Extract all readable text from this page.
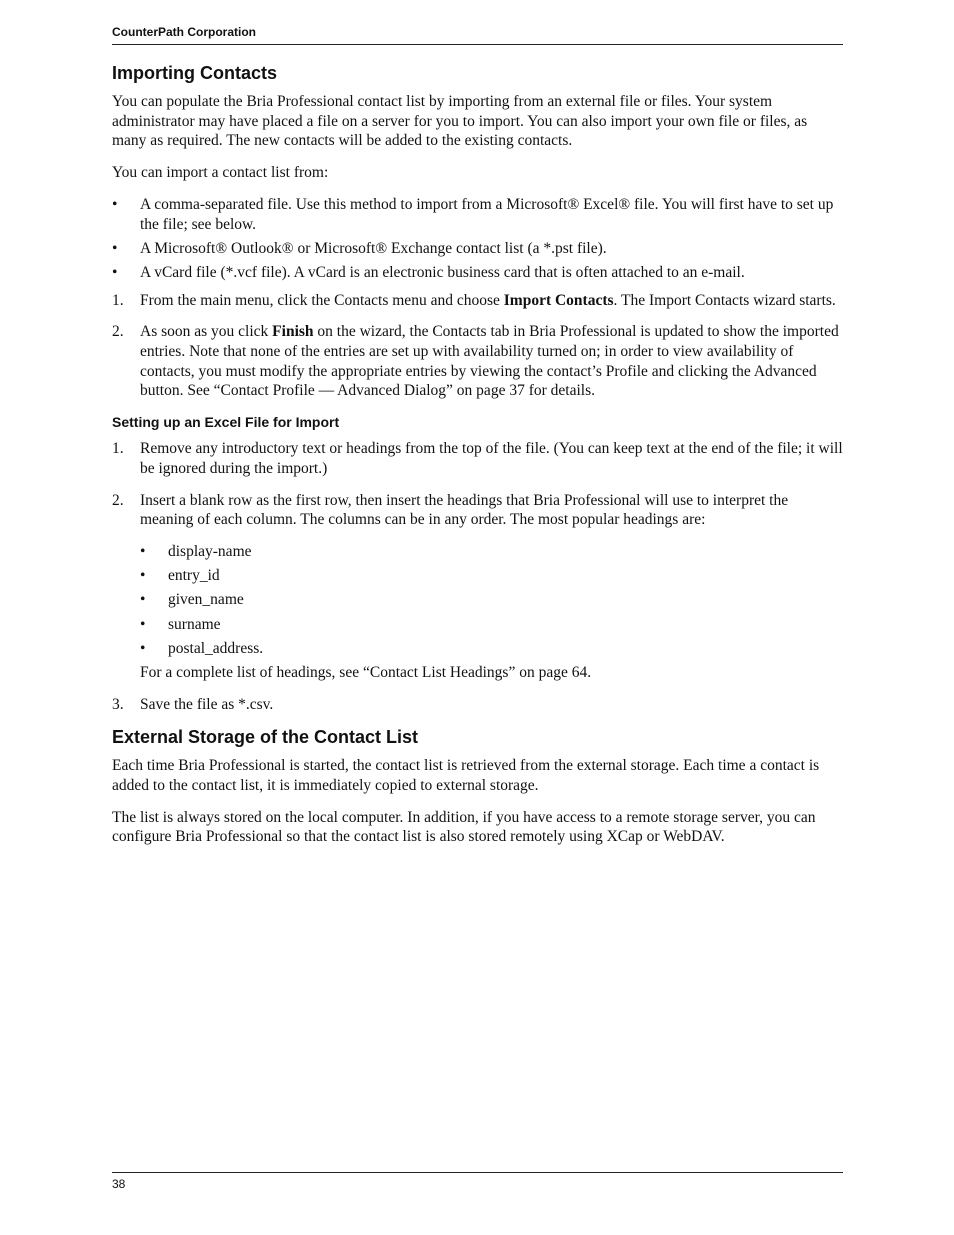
CounterPath Corporation
Importing Contacts

You can populate the Bria Professional contact list by importing from an external file or files. Your system administrator may have placed a file on a server for you to import. You can also import your own file or files, as many as required. The new contacts will be added to the existing contacts.

You can import a contact list from:

• A comma-separated file. Use this method to import from a Microsoft® Excel® file. You will first have to set up the file; see below.
• A Microsoft® Outlook® or Microsoft® Exchange contact list (a *.pst file).
• A vCard file (*.vcf file). A vCard is an electronic business card that is often attached to an e-mail.
1. From the main menu, click the Contacts menu and choose Import Contacts. The Import Contacts wizard starts.
2. As soon as you click Finish on the wizard, the Contacts tab in Bria Professional is updated to show the imported entries. Note that none of the entries are set up with availability turned on; in order to view availability of contacts, you must modify the appropriate entries by viewing the contact’s Profile and clicking the Advanced button. See “Contact Profile — Advanced Dialog” on page 37 for details.
Setting up an Excel File for Import
1. Remove any introductory text or headings from the top of the file. (You can keep text at the end of the file; it will be ignored during the import.)
2. Insert a blank row as the first row, then insert the headings that Bria Professional will use to interpret the meaning of each column. The columns can be in any order. The most popular headings are:
• display-name
• entry_id
• given_name
• surname
• postal_address.

For a complete list of headings, see “Contact List Headings” on page 64.

3. Save the file as *.csv.
External Storage of the Contact List

Each time Bria Professional is started, the contact list is retrieved from the external storage. Each time a contact is added to the contact list, it is immediately copied to external storage.

The list is always stored on the local computer. In addition, if you have access to a remote storage server, you can configure Bria Professional so that the contact list is also stored remotely using XCap or WebDAV.

38
